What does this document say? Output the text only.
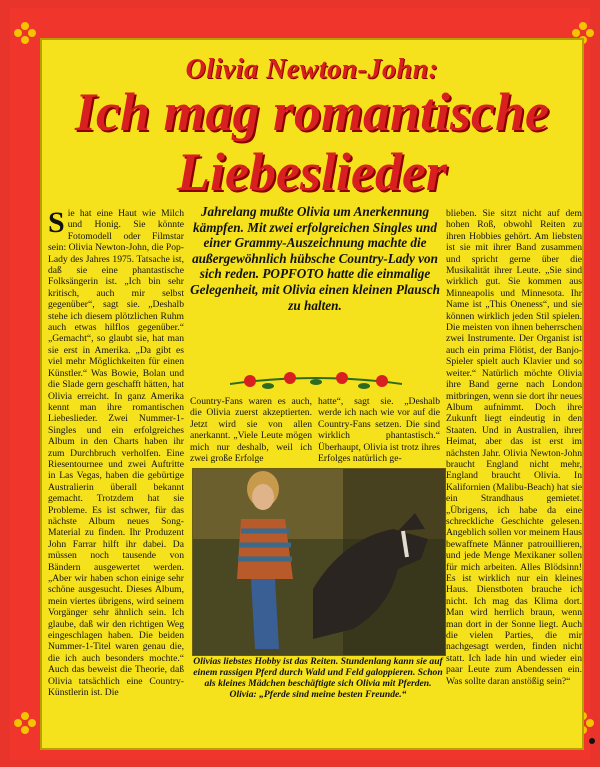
Olivia Newton-John:
Ich mag romantische
Liebeslieder
Sie hat eine Haut wie Milch und Honig. Sie könnte Fotomodell oder Filmstar sein: Olivia Newton-John, die Pop-Lady des Jahres 1975. Tatsache ist, daß sie eine phantastische Folksängerin ist. „Ich bin sehr kritisch, auch mir selbst gegenüber“, sagt sie. „Deshalb stehe ich diesem plötzlichen Ruhm auch etwas hilflos gegenüber.“ „Gemacht“, so glaubt sie, hat man sie erst in Amerika. „Da gibt es viel mehr Möglichkeiten für einen Künstler.“ Was Bowie, Bolan und die Slade gern geschafft hätten, hat Olivia erreicht. In ganz Amerika kennt man ihre romantischen Liebeslieder. Zwei Nummer-1-Singles und ein erfolgreiches Album in den Charts haben ihr zum Durchbruch verholfen. Eine Riesentournee und zwei Auftritte in Las Vegas, haben die gebürtige Australierin überall bekannt gemacht. Trotzdem hat sie Probleme. Es ist schwer, für das nächste Album neues Song-Material zu finden. Ihr Produzent John Farrar hilft ihr dabei. Da müssen noch tausende von Bändern ausgewertet werden. „Aber wir haben schon einige sehr schöne ausgesucht. Dieses Album, mein viertes übrigens, wird seinem Vorgänger sehr ähnlich sein. Ich glaube, daß wir den richtigen Weg eingeschlagen haben. Die beiden Nummer-1-Titel waren genau die, die ich auch besonders mochte.“ Auch das beweist die Theorie, daß Olivia tatsächlich eine Country-Künstlerin ist. Die
Jahrelang mußte Olivia um Anerkennung kämpfen. Mit zwei erfolgreichen Singles und einer Grammy-Auszeichnung machte die außergewöhnlich hübsche Country-Lady von sich reden. POPFOTO hatte die einmalige Gelegenheit, mit Olivia einen kleinen Plausch zu halten.
Country-Fans waren es auch, die Olivia zuerst akzeptierten. Jetzt wird sie von allen anerkannt. „Viele Leute mögen mich nur deshalb, weil ich zwei große Erfolge
hatte“, sagt sie. „Deshalb werde ich nach wie vor auf die Country-Fans setzen. Die sind wirklich phantastisch.“ Überhaupt, Olivia ist trotz ihres Erfolges natürlich ge-
Olivias liebstes Hobby ist das Reiten. Stundenlang kann sie auf einem rassigen Pferd durch Wald und Feld galoppieren. Schon als kleines Mädchen beschäftigte sich Olivia mit Pferden. Olivia: „Pferde sind meine besten Freunde.“
blieben. Sie sitzt nicht auf dem hohen Roß, obwohl Reiten zu ihren Hobbies gehört. Am liebsten ist sie mit ihrer Band zusammen und spricht gerne über die Musikalität ihrer Leute. „Sie sind wirklich gut. Sie kommen aus Minneapolis und Minnesota. Ihr Name ist „This Oneness“, und sie können wirklich jeden Stil spielen. Die meisten von ihnen beherrschen zwei Instrumente. Der Organist ist auch ein prima Flötist, der Banjo-Spieler spielt auch Klavier und so weiter.“ Natürlich möchte Olivia ihre Band gerne nach London mitbringen, wenn sie dort ihr neues Album aufnimmt. Doch ihre Zukunft liegt eindeutig in den Staaten. Und in Australien, ihrer Heimat, aber das ist erst im nächsten Jahr. Olivia Newton-John braucht England nicht mehr, England braucht Olivia. In Kalifornien (Malibu-Beach) hat sie ein Strandhaus gemietet. „Übrigens, ich habe da eine schreckliche Geschichte gelesen. Angeblich sollen vor meinem Haus bewaffnete Männer patrouillieren, und jede Menge Mexikaner sollen für mich arbeiten. Alles Blödsinn! Es ist wirklich nur ein kleines Haus. Dienstboten brauche ich nicht. Ich mag das Klima dort. Man wird herrlich braun, wenn man dort in der Sonne liegt. Auch die vielen Parties, die mir nachgesagt werden, finden nicht statt. Ich lade hin und wieder ein paar Leute zum Abendessen ein. Was sollte daran anstößig sein?“
